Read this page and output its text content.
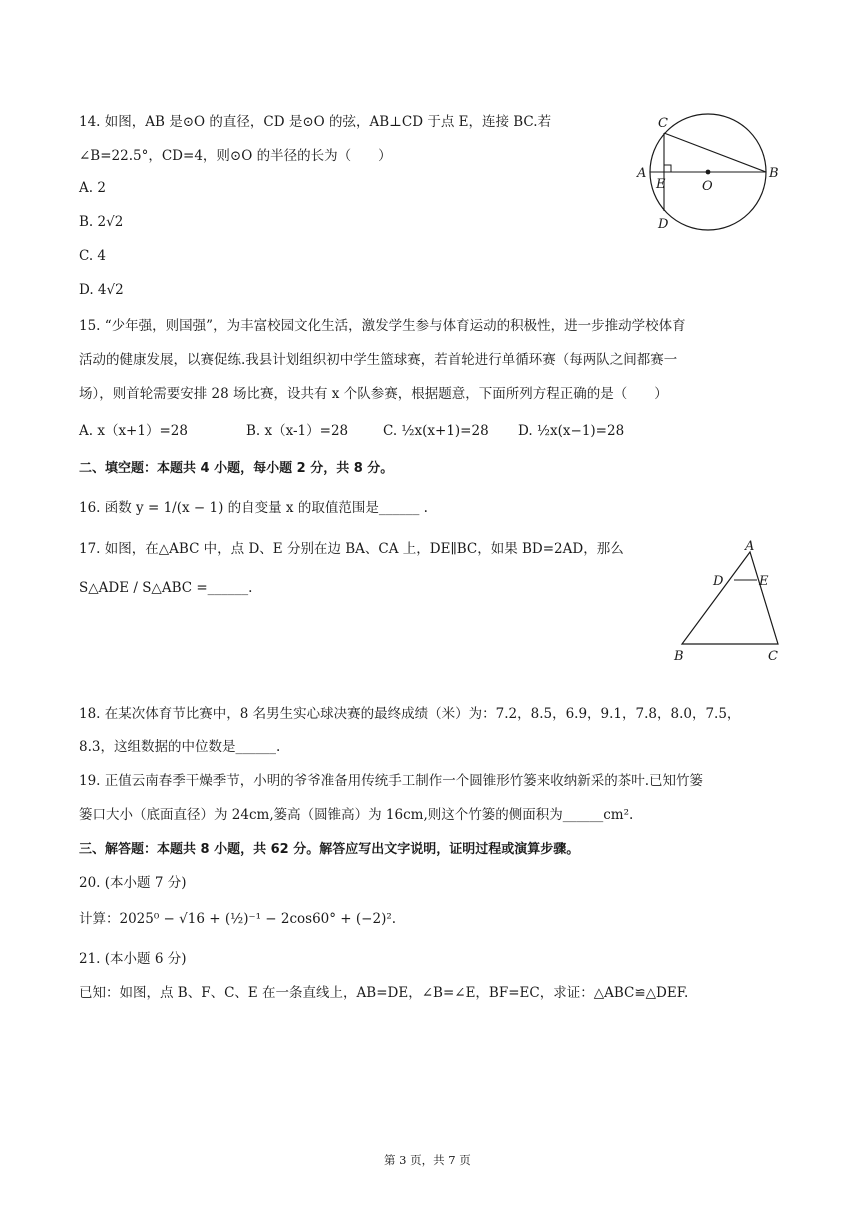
14. 如图，AB 是⊙O 的直径，CD 是⊙O 的弦，AB⊥CD 于点 E，连接 BC.若
∠B=22.5°，CD=4，则⊙O 的半径的长为（　　）
A. 2
B. 2√2
C. 4
D. 4√2
C
A
E	O
B
D
15. “少年强，则国强”，为丰富校园文化生活，激发学生参与体育运动的积极性，进一步推动学校体育
活动的健康发展，以赛促练.我县计划组织初中学生篮球赛，若首轮进行单循环赛（每两队之间都赛一
场），则首轮需要安排 28 场比赛，设共有 x 个队参赛，根据题意，下面所列方程正确的是（　　）
A. x（x+1）=28	B. x（x-1）=28	C. ½x(x+1)=28 D. ½x(x−1)=28
二、填空题：本题共 4 小题，每小题 2 分，共 8 分。
16. 函数 y = 1/(x − 1) 的自变量 x 的取值范围是______ .
17. 如图，在△ABC 中，点 D、E 分别在边 BA、CA 上，DE∥BC，如果 BD=2AD，那么
S△ADE / S△ABC =______.
A
D	E
B	C
18. 在某次体育节比赛中，8 名男生实心球决赛的最终成绩（米）为：7.2，8.5，6.9，9.1，7.8，8.0，7.5，
8.3，这组数据的中位数是______.
19. 正值云南春季干燥季节，小明的爷爷准备用传统手工制作一个圆锥形竹篓来收纳新采的茶叶.已知竹篓
篓口大小（底面直径）为 24cm,篓高（圆锥高）为 16cm,则这个竹篓的侧面积为______cm².
三、解答题：本题共 8 小题，共 62 分。解答应写出文字说明，证明过程或演算步骤。
20. (本小题 7 分)
计算：2025⁰ − √16 + (½)⁻¹ − 2cos60° + (−2)².
21. (本小题 6 分)
已知：如图，点 B、F、C、E 在一条直线上，AB=DE，∠B=∠E，BF=EC，求证：△ABC≌△DEF.
第 3 页，共 7 页
